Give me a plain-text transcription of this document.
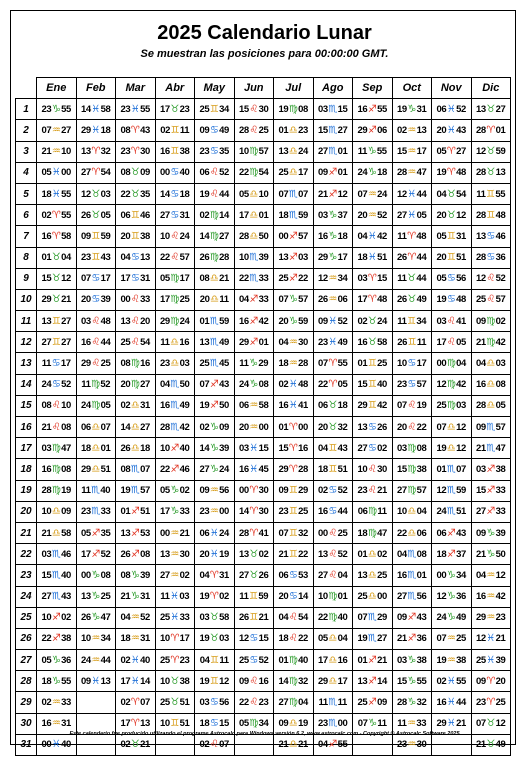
2025 Calendario Lunar
Se muestran las posiciones para 00:00:00 GMT.
	Ene	Feb	Mar	Abr	May	Jun	Jul	Ago	Sep	Oct	Nov	Dic
1	23♑55	14♓58	23♓55	17♉23	25♊34	15♌30	19♍08	03♏15	16♐55	19♑31	06♓52	13♉27
2	07♒27	29♓18	08♈43	02♊11	09♋49	28♌25	01♎23	15♏27	29♐06	02♒13	20♓43	28♈01
3	21♒10	13♈32	23♈30	16♊38	23♋35	10♍57	13♎24	27♏01	11♑55	15♒17	05♈27	12♉59
4	05♓00	27♈54	08♉09	00♋40	06♌52	22♍54	25♎17	09♐01	24♑18	28♒47	19♈48	28♉13
5	18♓55	12♉03	22♉35	14♋18	19♌44	05♎10	07♏07	21♐12	07♒24	12♓44	04♉54	11♊55
6	02♈55	26♉05	06♊46	27♋31	02♍14	17♎01	18♏59	03♑37	20♒52	27♓05	20♉12	28♊48
7	16♈58	09♊59	20♊38	10♌24	14♍27	28♎50	00♐57	16♑18	04♓42	11♈48	05♊31	13♋46
8	01♉04	23♊43	04♋13	22♌57	26♍28	10♏39	13♐03	29♑17	18♓51	26♈44	20♊51	28♋36
9	15♉12	07♋17	17♋31	05♍17	08♎21	22♏33	25♐22	12♒34	03♈15	11♉44	05♋56	12♌52
10	29♉21	20♋39	00♌33	17♍25	20♎11	04♐33	07♑57	26♒06	17♈48	26♉49	19♋48	25♌57
11	13♊27	03♌48	13♌20	29♍24	01♏59	16♐42	20♑59	09♓52	02♉24	11♊34	03♌41	09♍02
12	27♊27	16♌44	25♌54	11♎16	13♏49	29♐01	04♒30	23♓49	16♉58	26♊11	17♌05	21♍42
13	11♋17	29♌25	08♍16	23♎03	25♏45	11♑29	18♒28	07♈55	01♊25	10♋17	00♍04	04♎03
14	24♋52	11♍52	20♍27	04♏50	07♐43	24♑08	02♓48	22♈05	15♊40	23♋57	12♍42	16♎08
15	08♌10	24♍05	02♎31	16♏49	19♐50	06♒58	16♓41	06♉18	29♊42	07♌19	25♍03	28♎05
16	21♌08	06♎07	14♎27	28♏42	02♑09	20♒00	01♈00	20♉32	13♋26	20♌22	07♎12	09♏57
17	03♍47	18♎01	26♎18	10♐40	14♑39	03♓15	15♈16	04♊43	27♋02	03♍08	19♎12	21♏47
18	16♍08	29♎51	08♏07	22♐46	27♑24	16♓45	29♈28	18♊51	10♌30	15♍38	01♏07	03♐38
19	28♍19	11♏40	19♏57	05♑02	09♒56	00♈30	09♊29	02♋52	23♌21	27♍57	12♏59	15♐33
20	10♎09	23♏33	01♐51	17♑33	23♒00	14♈30	23♊25	16♋44	06♍11	10♎04	24♏51	27♐33
21	21♎58	05♐35	13♐53	00♒21	06♓24	28♈41	07♊32	00♌25	18♍47	22♎06	06♐43	09♑39
22	03♏46	17♐52	26♐08	13♒30	20♓19	13♉02	21♊22	13♌52	01♎02	04♏08	18♐37	21♑50
23	15♏40	00♑08	08♑39	27♒02	04♈31	27♉26	06♋53	27♌04	13♎25	16♏01	00♑34	04♒12
24	27♏43	13♑25	21♑31	11♓03	19♈02	11♊59	20♋14	10♍01	25♎00	27♏56	12♑36	16♒42
25	10♐02	26♑47	04♒52	25♓33	03♉58	26♊21	04♌54	22♍40	07♏29	09♐43	24♑49	29♒23
26	22♐38	10♒34	18♒31	10♈17	19♉03	12♋15	18♌22	05♎04	19♏27	21♐36	07♒25	12♓21
27	05♑36	24♒44	02♓40	25♈23	04♊11	25♋52	01♍40	17♎16	01♐21	03♑38	19♒38	25♓39
28	18♑55	09♓13	17♓14	10♉38	19♊12	09♌16	14♍32	29♎17	13♐14	15♑55	02♓55	09♈20
29	02♒33		02♈07	25♉51	03♋56	22♌23	27♍04	11♏11	25♐09	28♑32	16♓44	23♈25
30	16♒31		17♈13	10♊51	18♋15	05♍34	09♎19	23♏00	07♑11	11♒33	29♓21	07♉12
31	00♓40		02♉21		02♌07		21♎21	04♐55		23♒30		21♉49
Este calendario fue producido utilizando el programe Astrocalc para Windows versión 6.2, www.astrocalc.com - Copyright © Astrocalc Software 2025
